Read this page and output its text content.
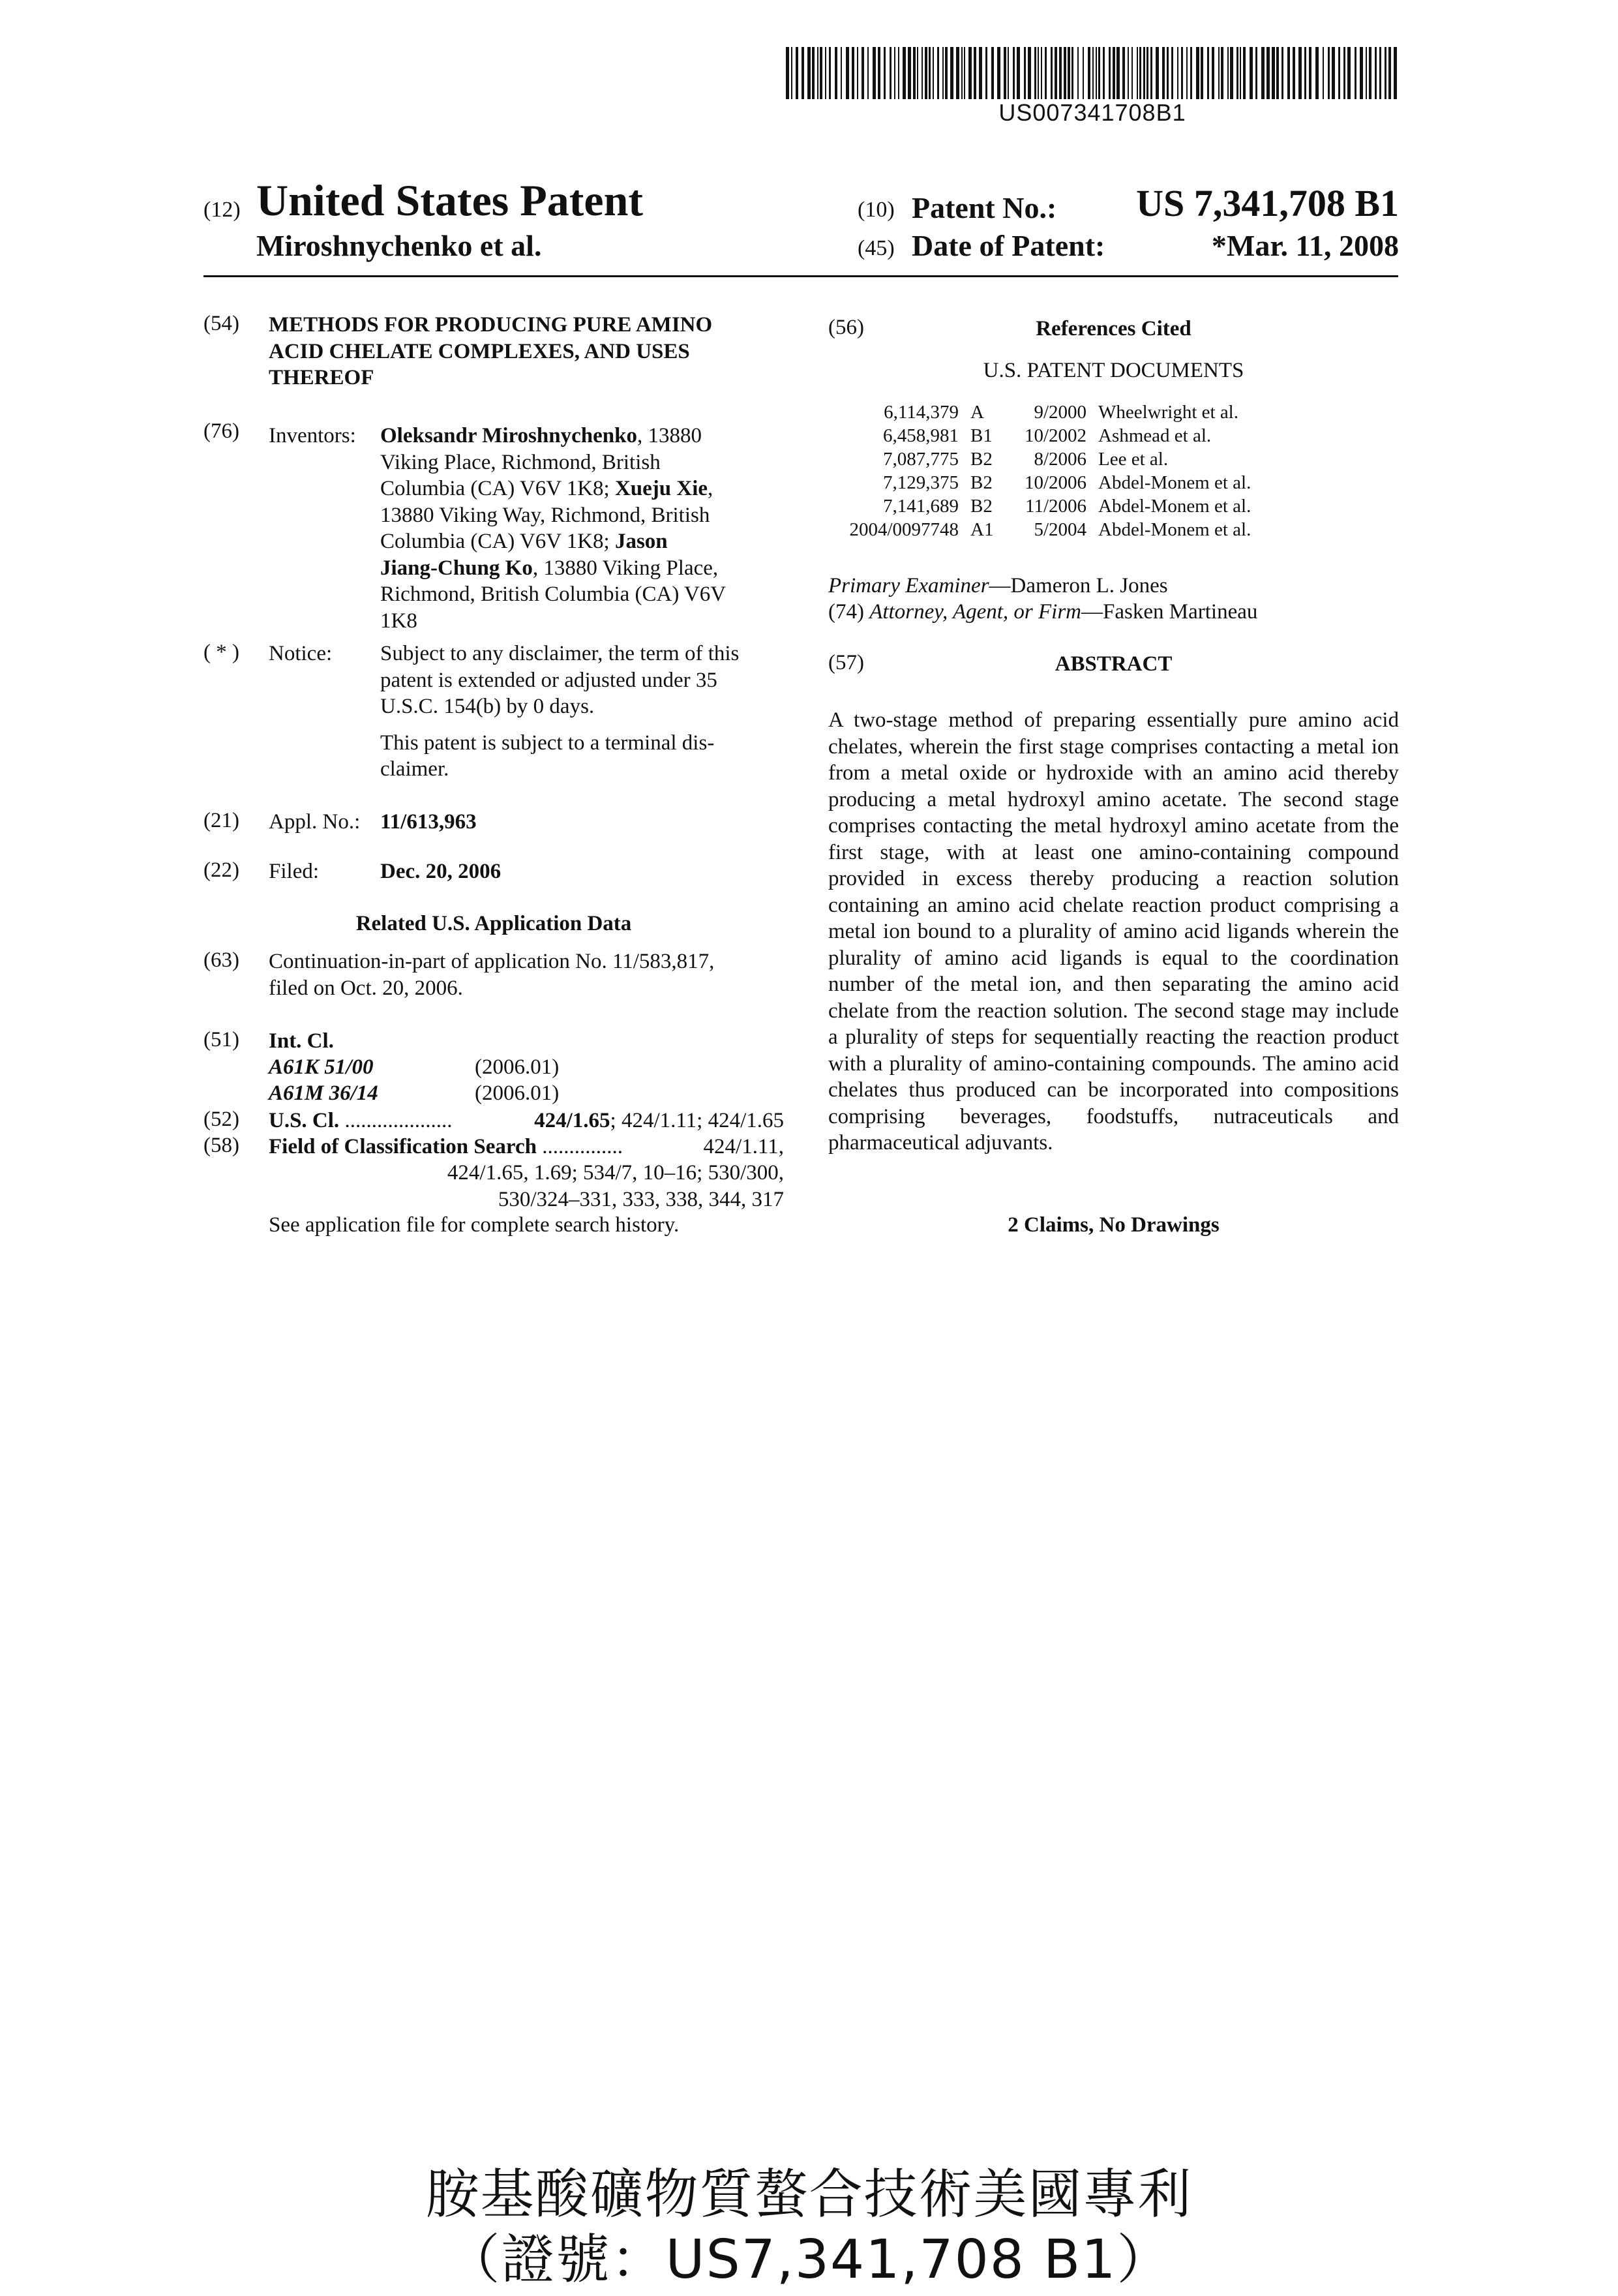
US007341708B1
(12) United States Patent
Miroshnychenko et al.
(10) Patent No.:	US 7,341,708 B1
(45) Date of Patent:	*Mar. 11, 2008
(54) METHODS FOR PRODUCING PURE AMINO
ACID CHELATE COMPLEXES, AND USES
THEREOF
(76) Inventors: Oleksandr Miroshnychenko, 13880
Viking Place, Richmond, British
Columbia (CA) V6V 1K8; Xueju Xie,
13880 Viking Way, Richmond, British
Columbia (CA) V6V 1K8; Jason
Jiang-Chung Ko, 13880 Viking Place,
Richmond, British Columbia (CA) V6V
1K8
( * ) Notice: Subject to any disclaimer, the term of this
patent is extended or adjusted under 35
U.S.C. 154(b) by 0 days.
This patent is subject to a terminal dis-
claimer.
(21) Appl. No.: 11/613,963
(22) Filed:	Dec. 20, 2006
Related U.S. Application Data
(63) Continuation-in-part of application No. 11/583,817,
filed on Oct. 20, 2006.
(51) Int. Cl.
A61K 51/00	(2006.01)
A61M 36/14	(2006.01)
(52) U.S. Cl. ....................	424/1.65; 424/1.11; 424/1.65
(58) Field of Classification Search ...............	424/1.11,
424/1.65, 1.69; 534/7, 10–16; 530/300,
530/324–331, 333, 338, 344, 317
See application file for complete search history.
(56)	References Cited
U.S. PATENT DOCUMENTS
6,114,379	A	9/2000	Wheelwright et al.
6,458,981	B1	10/2002	Ashmead et al.
7,087,775	B2	8/2006	Lee et al.
7,129,375	B2	10/2006	Abdel-Monem et al.
7,141,689	B2	11/2006	Abdel-Monem et al.
2004/0097748	A1	5/2004	Abdel-Monem et al.
Primary Examiner—Dameron L. Jones
(74) Attorney, Agent, or Firm—Fasken Martineau
(57)	ABSTRACT
A two-stage method of preparing essentially pure amino acid chelates, wherein the first stage comprises contacting a metal ion from a metal oxide or hydroxide with an amino acid thereby producing a metal hydroxyl amino acetate. The second stage comprises contacting the metal hydroxyl amino acetate from the first stage, with at least one amino-containing compound provided in excess thereby producing a reaction solution containing an amino acid chelate reaction product comprising a metal ion bound to a plurality of amino acid ligands wherein the plurality of amino acid ligands is equal to the coordination number of the metal ion, and then separating the amino acid chelate from the reaction solution. The second stage may include a plurality of steps for sequentially reacting the reaction product with a plurality of amino-containing compounds. The amino acid chelates thus produced can be incorporated into compositions comprising beverages, foodstuffs, nutraceuticals and pharmaceutical adjuvants.
2 Claims, No Drawings
胺基酸礦物質螯合技術美國專利
（證號：US7,341,708 B1）
